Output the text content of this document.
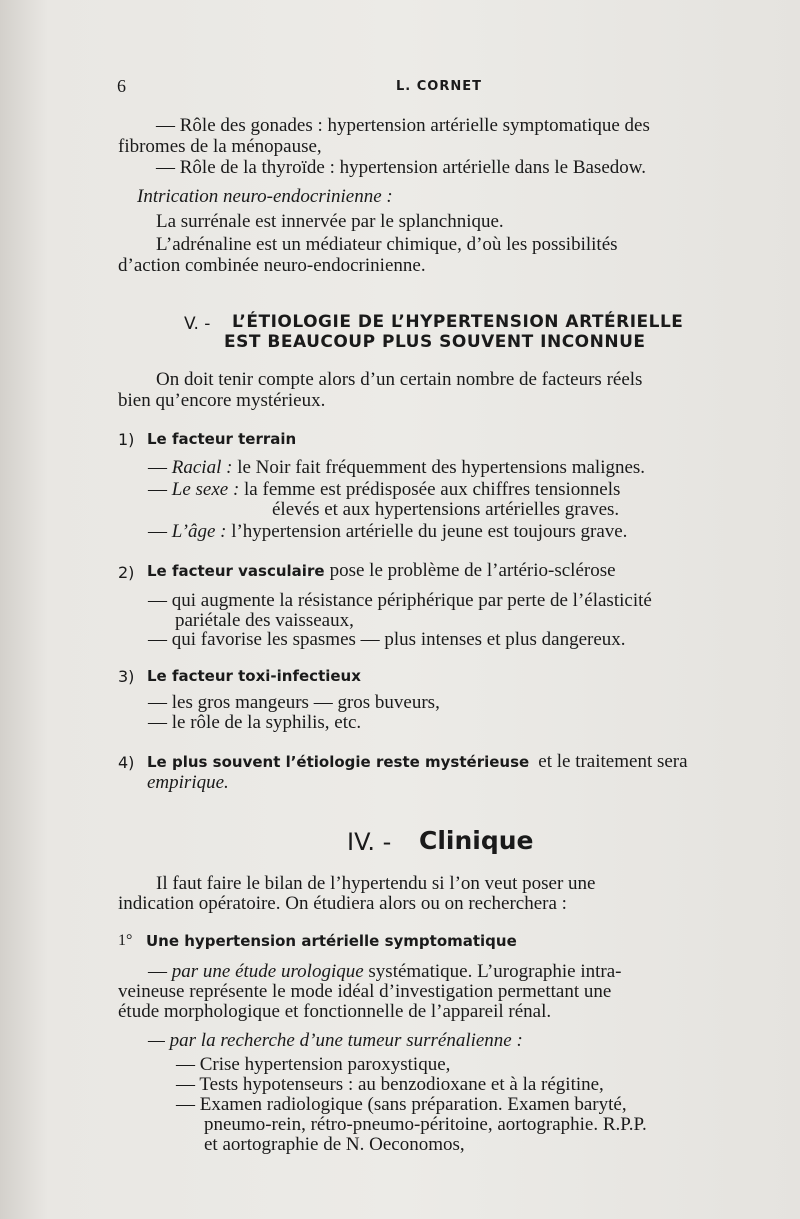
6	L. CORNET
— Rôle des gonades : hypertension artérielle symptomatique des
fibromes de la ménopause,
— Rôle de la thyroïde : hypertension artérielle dans le Basedow.
Intrication neuro-endocrinienne :
La surrénale est innervée par le splanchnique.
L’adrénaline est un médiateur chimique, d’où les possibilités
d’action combinée neuro-endocrinienne.
V. - L’ÉTIOLOGIE DE L’HYPERTENSION ARTÉRIELLE
EST BEAUCOUP PLUS SOUVENT INCONNUE
On doit tenir compte alors d’un certain nombre de facteurs réels
bien qu’encore mystérieux.
1) Le facteur terrain
— Racial : le Noir fait fréquemment des hypertensions malignes.
— Le sexe : la femme est prédisposée aux chiffres tensionnels
élevés et aux hypertensions artérielles graves.
— L’âge : l’hypertension artérielle du jeune est toujours grave.
2) Le facteur vasculaire pose le problème de l’artério-sclérose
— qui augmente la résistance périphérique par perte de l’élasticité
pariétale des vaisseaux,
— qui favorise les spasmes — plus intenses et plus dangereux.
3) Le facteur toxi-infectieux
— les gros mangeurs — gros buveurs,
— le rôle de la syphilis, etc.
4) Le plus souvent l’étiologie reste mystérieuse et le traitement sera
empirique.
IV. - Clinique
Il faut faire le bilan de l’hypertendu si l’on veut poser une
indication opératoire. On étudiera alors ou on recherchera :
1° Une hypertension artérielle symptomatique
— par une étude urologique systématique. L’urographie intra-
veineuse représente le mode idéal d’investigation permettant une
étude morphologique et fonctionnelle de l’appareil rénal.
— par la recherche d’une tumeur surrénalienne :
— Crise hypertension paroxystique,
— Tests hypotenseurs : au benzodioxane et à la régitine,
— Examen radiologique (sans préparation. Examen baryté,
pneumo-rein, rétro-pneumo-péritoine, aortographie. R.P.P.
et aortographie de N. Oeconomos,
